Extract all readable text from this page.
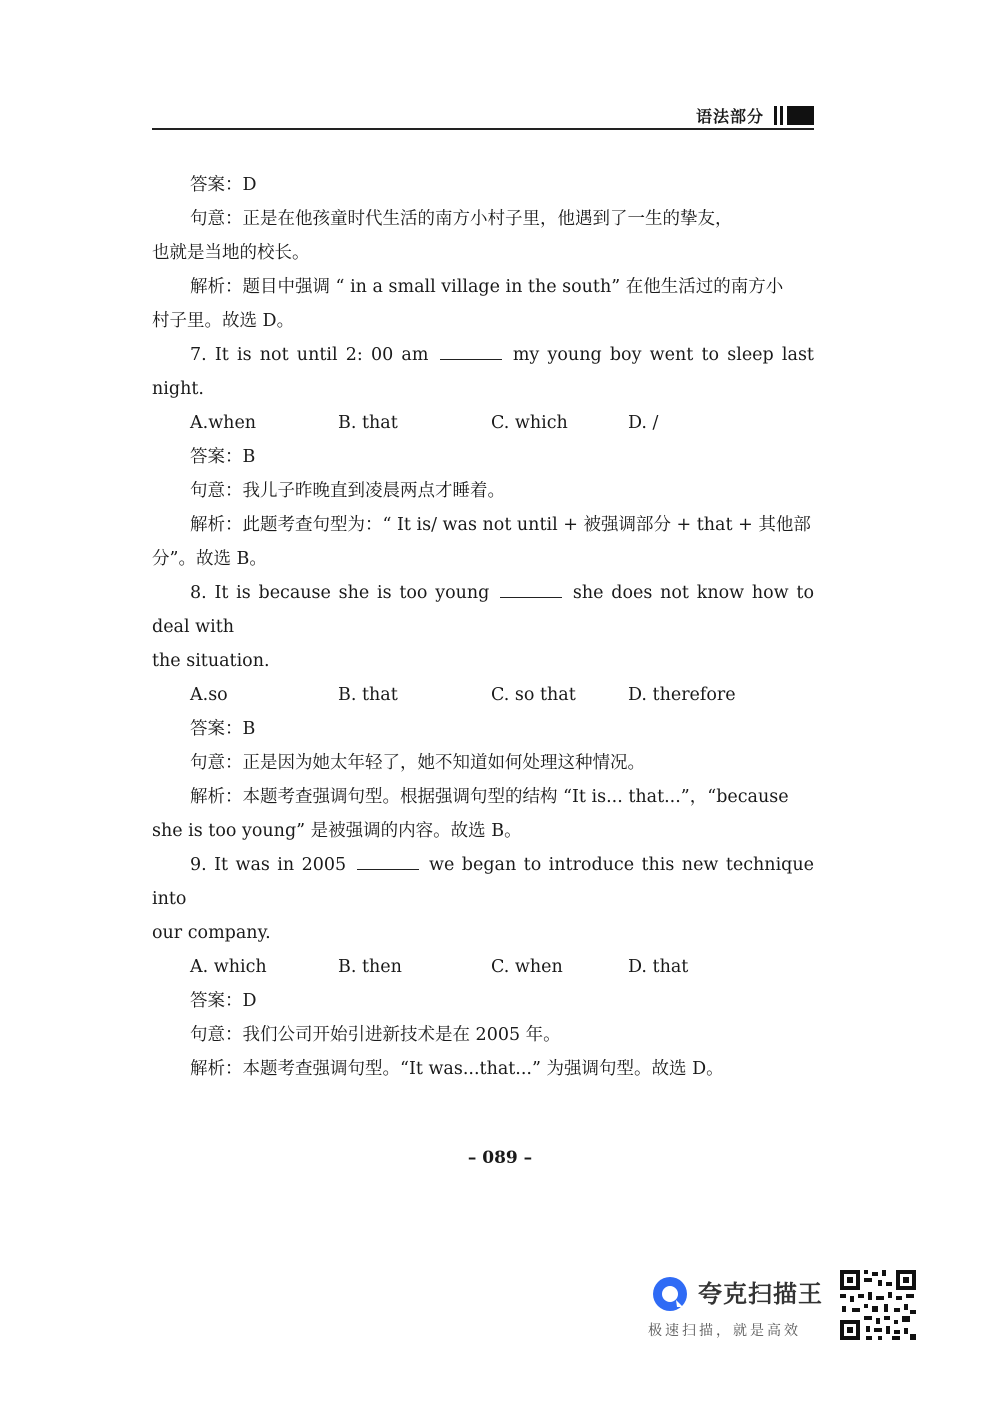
语法部分

答案：D

句意：正是在他孩童时代生活的南方小村子里，他遇到了一生的挚友，

也就是当地的校长。

解析：题目中强调 “ in a small village in the south” 在他生活过的南方小

村子里。故选 D。

7. It is not until 2: 00 am	my young boy went to sleep last night.

A.when	B. that	C. which	D. /

答案：B

句意：我儿子昨晚直到凌晨两点才睡着。

解析：此题考查句型为：“ It is/ was not until + 被强调部分 + that + 其他部

分”。故选 B。

8. It is because she is too young	she does not know how to deal with

the situation.

A.so	B. that	C. so that	D. therefore

答案：B

句意：正是因为她太年轻了，她不知道如何处理这种情况。

解析：本题考查强调句型。根据强调句型的结构 “It is... that...”，“because

she is too young” 是被强调的内容。故选 B。

9. It was in 2005	we began to introduce this new technique into

our company.

A. which	B. then	C. when	D. that

答案：D

句意：我们公司开始引进新技术是在 2005 年。

解析：本题考查强调句型。“It was...that...” 为强调句型。故选 D。

– 089 –
夸克扫描王
极速扫描，就是高效
